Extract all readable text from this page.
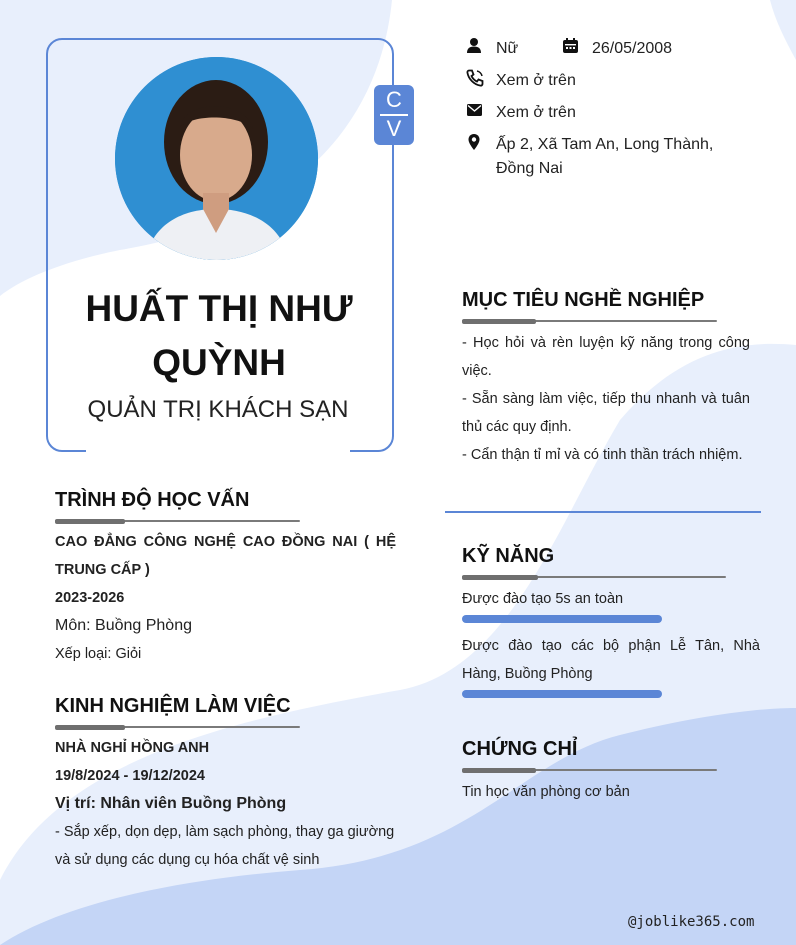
C
V
HUẤT THỊ NHƯ QUỲNH
QUẢN TRỊ KHÁCH SẠN
Nữ	26/05/2008
Xem ở trên
Xem ở trên
Ấp 2, Xã Tam An, Long Thành, Đồng Nai
MỤC TIÊU NGHỀ NGHIỆP
- Học hỏi và rèn luyện kỹ năng trong công việc.
- Sẵn sàng làm việc, tiếp thu nhanh và tuân thủ các quy định.
- Cẩn thận tỉ mỉ và có tinh thần trách nhiệm.
KỸ NĂNG
Được đào tạo 5s an toàn
Được đào tạo các bộ phận Lễ Tân, Nhà Hàng, Buồng Phòng
CHỨNG CHỈ
Tin học văn phòng cơ bản
TRÌNH ĐỘ HỌC VẤN
CAO ĐẲNG CÔNG NGHỆ CAO ĐỒNG NAI ( HỆ TRUNG CẤP )
2023-2026
Môn: Buồng Phòng
Xếp loại: Giỏi
KINH NGHIỆM LÀM VIỆC
NHÀ NGHỈ HỒNG ANH
19/8/2024 - 19/12/2024
Vị trí: Nhân viên Buồng Phòng
- Sắp xếp, dọn dẹp, làm sạch phòng, thay ga giường và sử dụng các dụng cụ hóa chất vệ sinh
@joblike365.com
